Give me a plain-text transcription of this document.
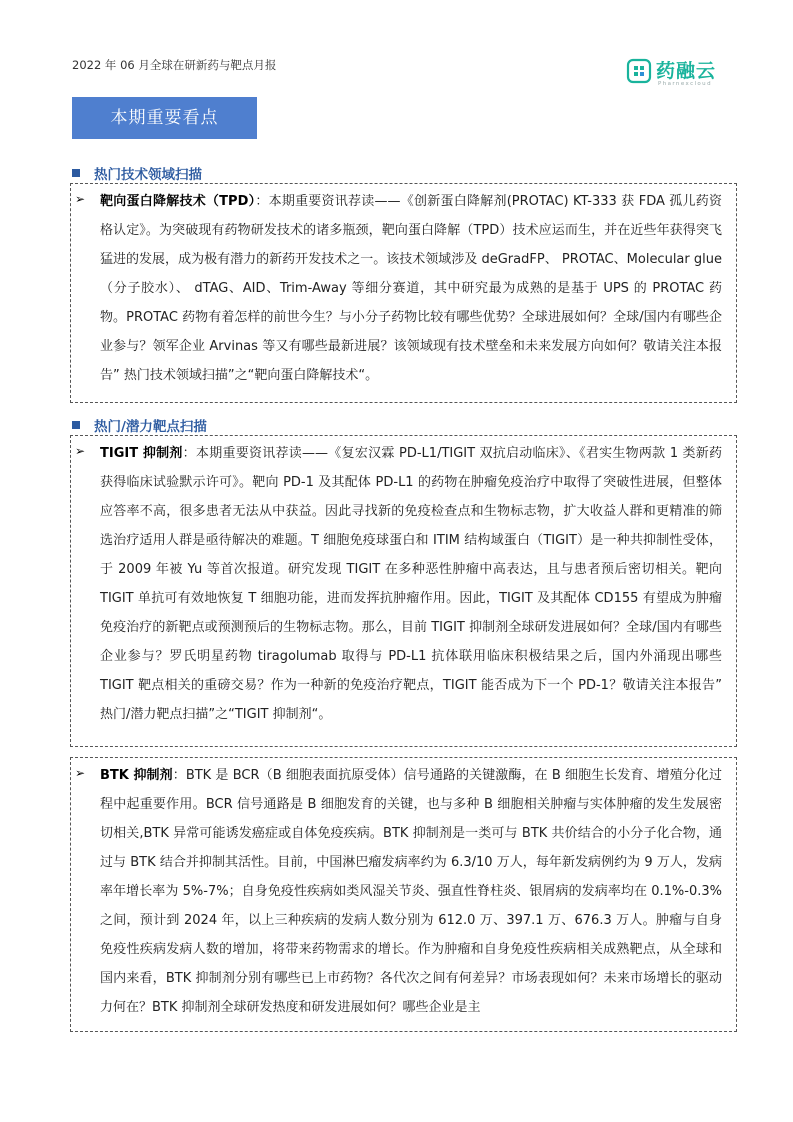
2022 年 06 月全球在研新药与靶点月报	药融云
Pharnexcloud
本期重要看点
热门技术领域扫描
➢ 靶向蛋白降解技术（TPD）：本期重要资讯荐读——《创新蛋白降解剂(PROTAC) KT-333 获 FDA 孤儿药资格认定》。为突破现有药物研发技术的诸多瓶颈，靶向蛋白降解（TPD）技术应运而生，并在近些年获得突飞猛进的发展，成为极有潜力的新药开发技术之一。该技术领域涉及 deGradFP、 PROTAC、Molecular glue（分子胶水）、 dTAG、AID、Trim-Away 等细分赛道，其中研究最为成熟的是基于 UPS 的 PROTAC 药物。PROTAC 药物有着怎样的前世今生？与小分子药物比较有哪些优势？全球进展如何？全球/国内有哪些企业参与？领军企业 Arvinas 等又有哪些最新进展？该领域现有技术壁垒和未来发展方向如何？敬请关注本报告” 热门技术领域扫描”之“靶向蛋白降解技术“。

热门/潜力靶点扫描
➢ TIGIT 抑制剂：本期重要资讯荐读——《复宏汉霖 PD-L1/TIGIT 双抗启动临床》、《君实生物两款 1 类新药获得临床试验默示许可》。靶向 PD-1 及其配体 PD-L1 的药物在肿瘤免疫治疗中取得了突破性进展，但整体应答率不高，很多患者无法从中获益。因此寻找新的免疫检查点和生物标志物，扩大收益人群和更精准的筛选治疗适用人群是亟待解决的难题。T 细胞免疫球蛋白和 ITIM 结构域蛋白（TIGIT）是一种共抑制性受体，于 2009 年被 Yu 等首次报道。研究发现 TIGIT 在多种恶性肿瘤中高表达，且与患者预后密切相关。靶向 TIGIT 单抗可有效地恢复 T 细胞功能，进而发挥抗肿瘤作用。因此，TIGIT 及其配体 CD155 有望成为肿瘤免疫治疗的新靶点或预测预后的生物标志物。那么，目前 TIGIT 抑制剂全球研发进展如何？全球/国内有哪些企业参与？罗氏明星药物 tiragolumab 取得与 PD-L1 抗体联用临床积极结果之后，国内外涌现出哪些 TIGIT 靶点相关的重磅交易？作为一种新的免疫治疗靶点，TIGIT 能否成为下一个 PD-1？敬请关注本报告” 热门/潜力靶点扫描”之“TIGIT 抑制剂“。

➢ BTK 抑制剂：BTK 是 BCR（B 细胞表面抗原受体）信号通路的关键激酶，在 B 细胞生长发育、增殖分化过程中起重要作用。BCR 信号通路是 B 细胞发育的关键，也与多种 B 细胞相关肿瘤与实体肿瘤的发生发展密切相关,BTK 异常可能诱发癌症或自体免疫疾病。BTK 抑制剂是一类可与 BTK 共价结合的小分子化合物，通过与 BTK 结合并抑制其活性。目前，中国淋巴瘤发病率约为 6.3/10 万人，每年新发病例约为 9 万人，发病率年增长率为 5%-7%；自身免疫性疾病如类风湿关节炎、强直性脊柱炎、银屑病的发病率均在 0.1%-0.3%之间，预计到 2024 年，以上三种疾病的发病人数分别为 612.0 万、397.1 万、676.3 万人。肿瘤与自身免疫性疾病发病人数的增加，将带来药物需求的增长。作为肿瘤和自身免疫性疾病相关成熟靶点，从全球和国内来看，BTK 抑制剂分别有哪些已上市药物？各代次之间有何差异？市场表现如何？未来市场增长的驱动力何在？BTK 抑制剂全球研发热度和研发进展如何？哪些企业是主
